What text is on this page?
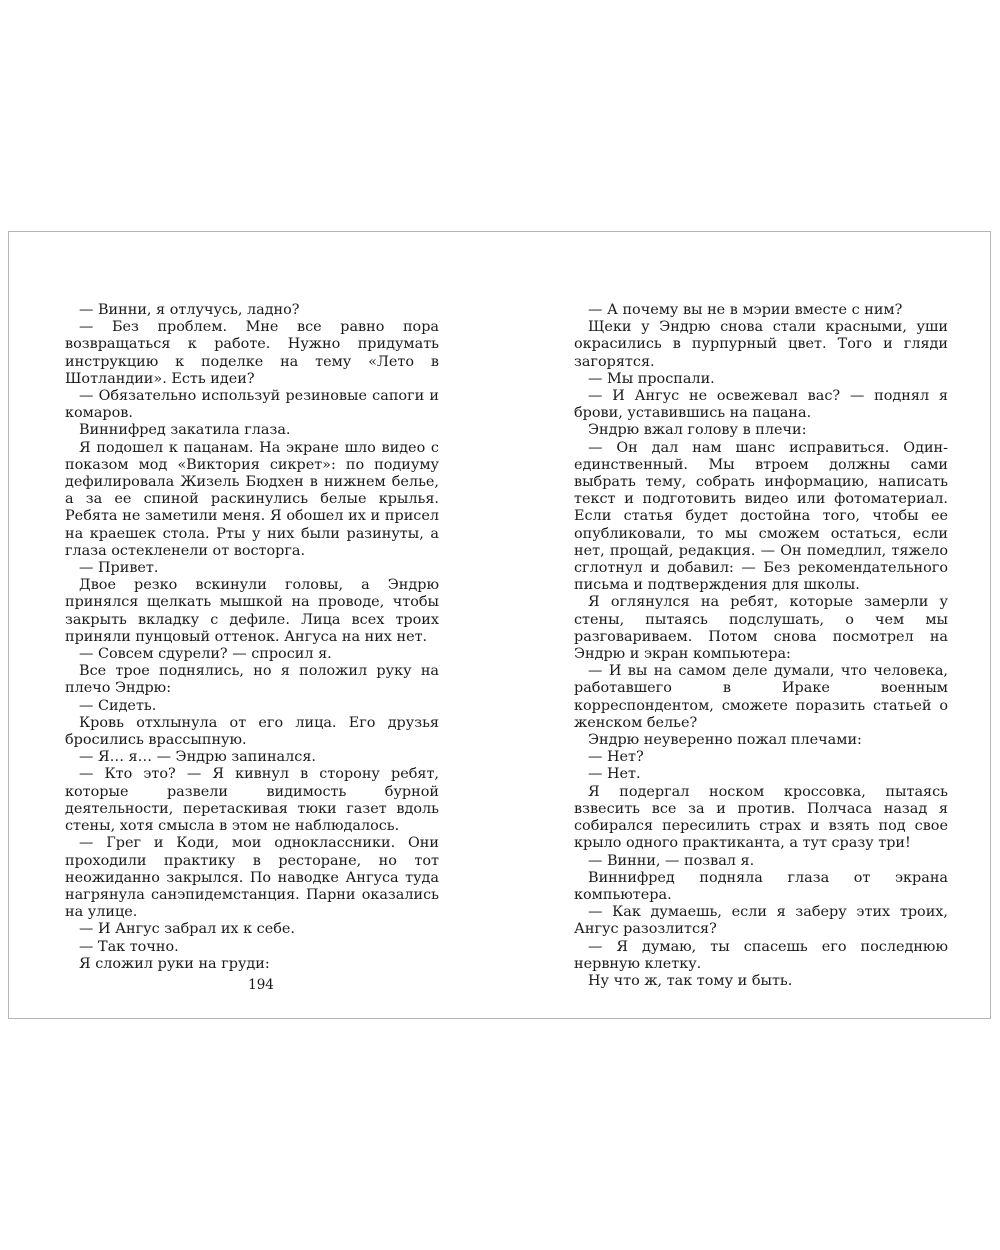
— Винни, я отлучусь, ладно?

— Без проблем. Мне все равно пора возвращаться к работе. Нужно придумать инструкцию к поделке на тему «Лето в Шотландии». Есть идеи?

— Обязательно используй резиновые сапоги и комаров.

Виннифред закатила глаза.

Я подошел к пацанам. На экране шло видео с показом мод «Виктория сикрет»: по подиуму дефилировала Жизель Бюдхен в нижнем белье, а за ее спиной раскинулись белые крылья. Ребята не заметили меня. Я обошел их и присел на краешек стола. Рты у них были разинуты, а глаза остекленели от восторга.

— Привет.

Двое резко вскинули головы, а Эндрю принялся щелкать мышкой на проводе, чтобы закрыть вкладку с дефиле. Лица всех троих приняли пунцовый оттенок. Ангуса на них нет.

— Совсем сдурели? — спросил я.

Все трое поднялись, но я положил руку на плечо Эндрю:

— Сидеть.

Кровь отхлынула от его лица. Его друзья бросились врассыпную.

— Я… я… — Эндрю запинался.

— Кто это? — Я кивнул в сторону ребят, которые развели видимость бурной деятельности, перетаскивая тюки газет вдоль стены, хотя смысла в этом не наблюдалось.

— Грег и Коди, мои одноклассники. Они проходили практику в ресторане, но тот неожиданно закрылся. По наводке Ангуса туда нагрянула санэпидемстанция. Парни оказались на улице.

— И Ангус забрал их к себе.

— Так точно.

Я сложил руки на груди:

— А почему вы не в мэрии вместе с ним?

Щеки у Эндрю снова стали красными, уши окрасились в пурпурный цвет. Того и гляди загорятся.

— Мы проспали.

— И Ангус не освежевал вас? — поднял я брови, уставившись на пацана.

Эндрю вжал голову в плечи:

— Он дал нам шанс исправиться. Один-единственный. Мы втроем должны сами выбрать тему, собрать информацию, написать текст и подготовить видео или фотоматериал. Если статья будет достойна того, чтобы ее опубликовали, то мы сможем остаться, если нет, прощай, редакция. — Он помедлил, тяжело сглотнул и добавил: — Без рекомендательного письма и подтверждения для школы.

Я оглянулся на ребят, которые замерли у стены, пытаясь подслушать, о чем мы разговариваем. Потом снова посмотрел на Эндрю и экран компьютера:

— И вы на самом деле думали, что человека, работавшего в Ираке военным корреспондентом, сможете поразить статьей о женском белье?

Эндрю неуверенно пожал плечами:

— Нет?

— Нет.

Я подергал носком кроссовка, пытаясь взвесить все за и против. Полчаса назад я собирался пересилить страх и взять под свое крыло одного практиканта, а тут сразу три!

— Винни, — позвал я.

Виннифред подняла глаза от экрана компьютера.

— Как думаешь, если я заберу этих троих, Ангус разозлится?

— Я думаю, ты спасешь его последнюю нервную клетку.

Ну что ж, так тому и быть.

194
